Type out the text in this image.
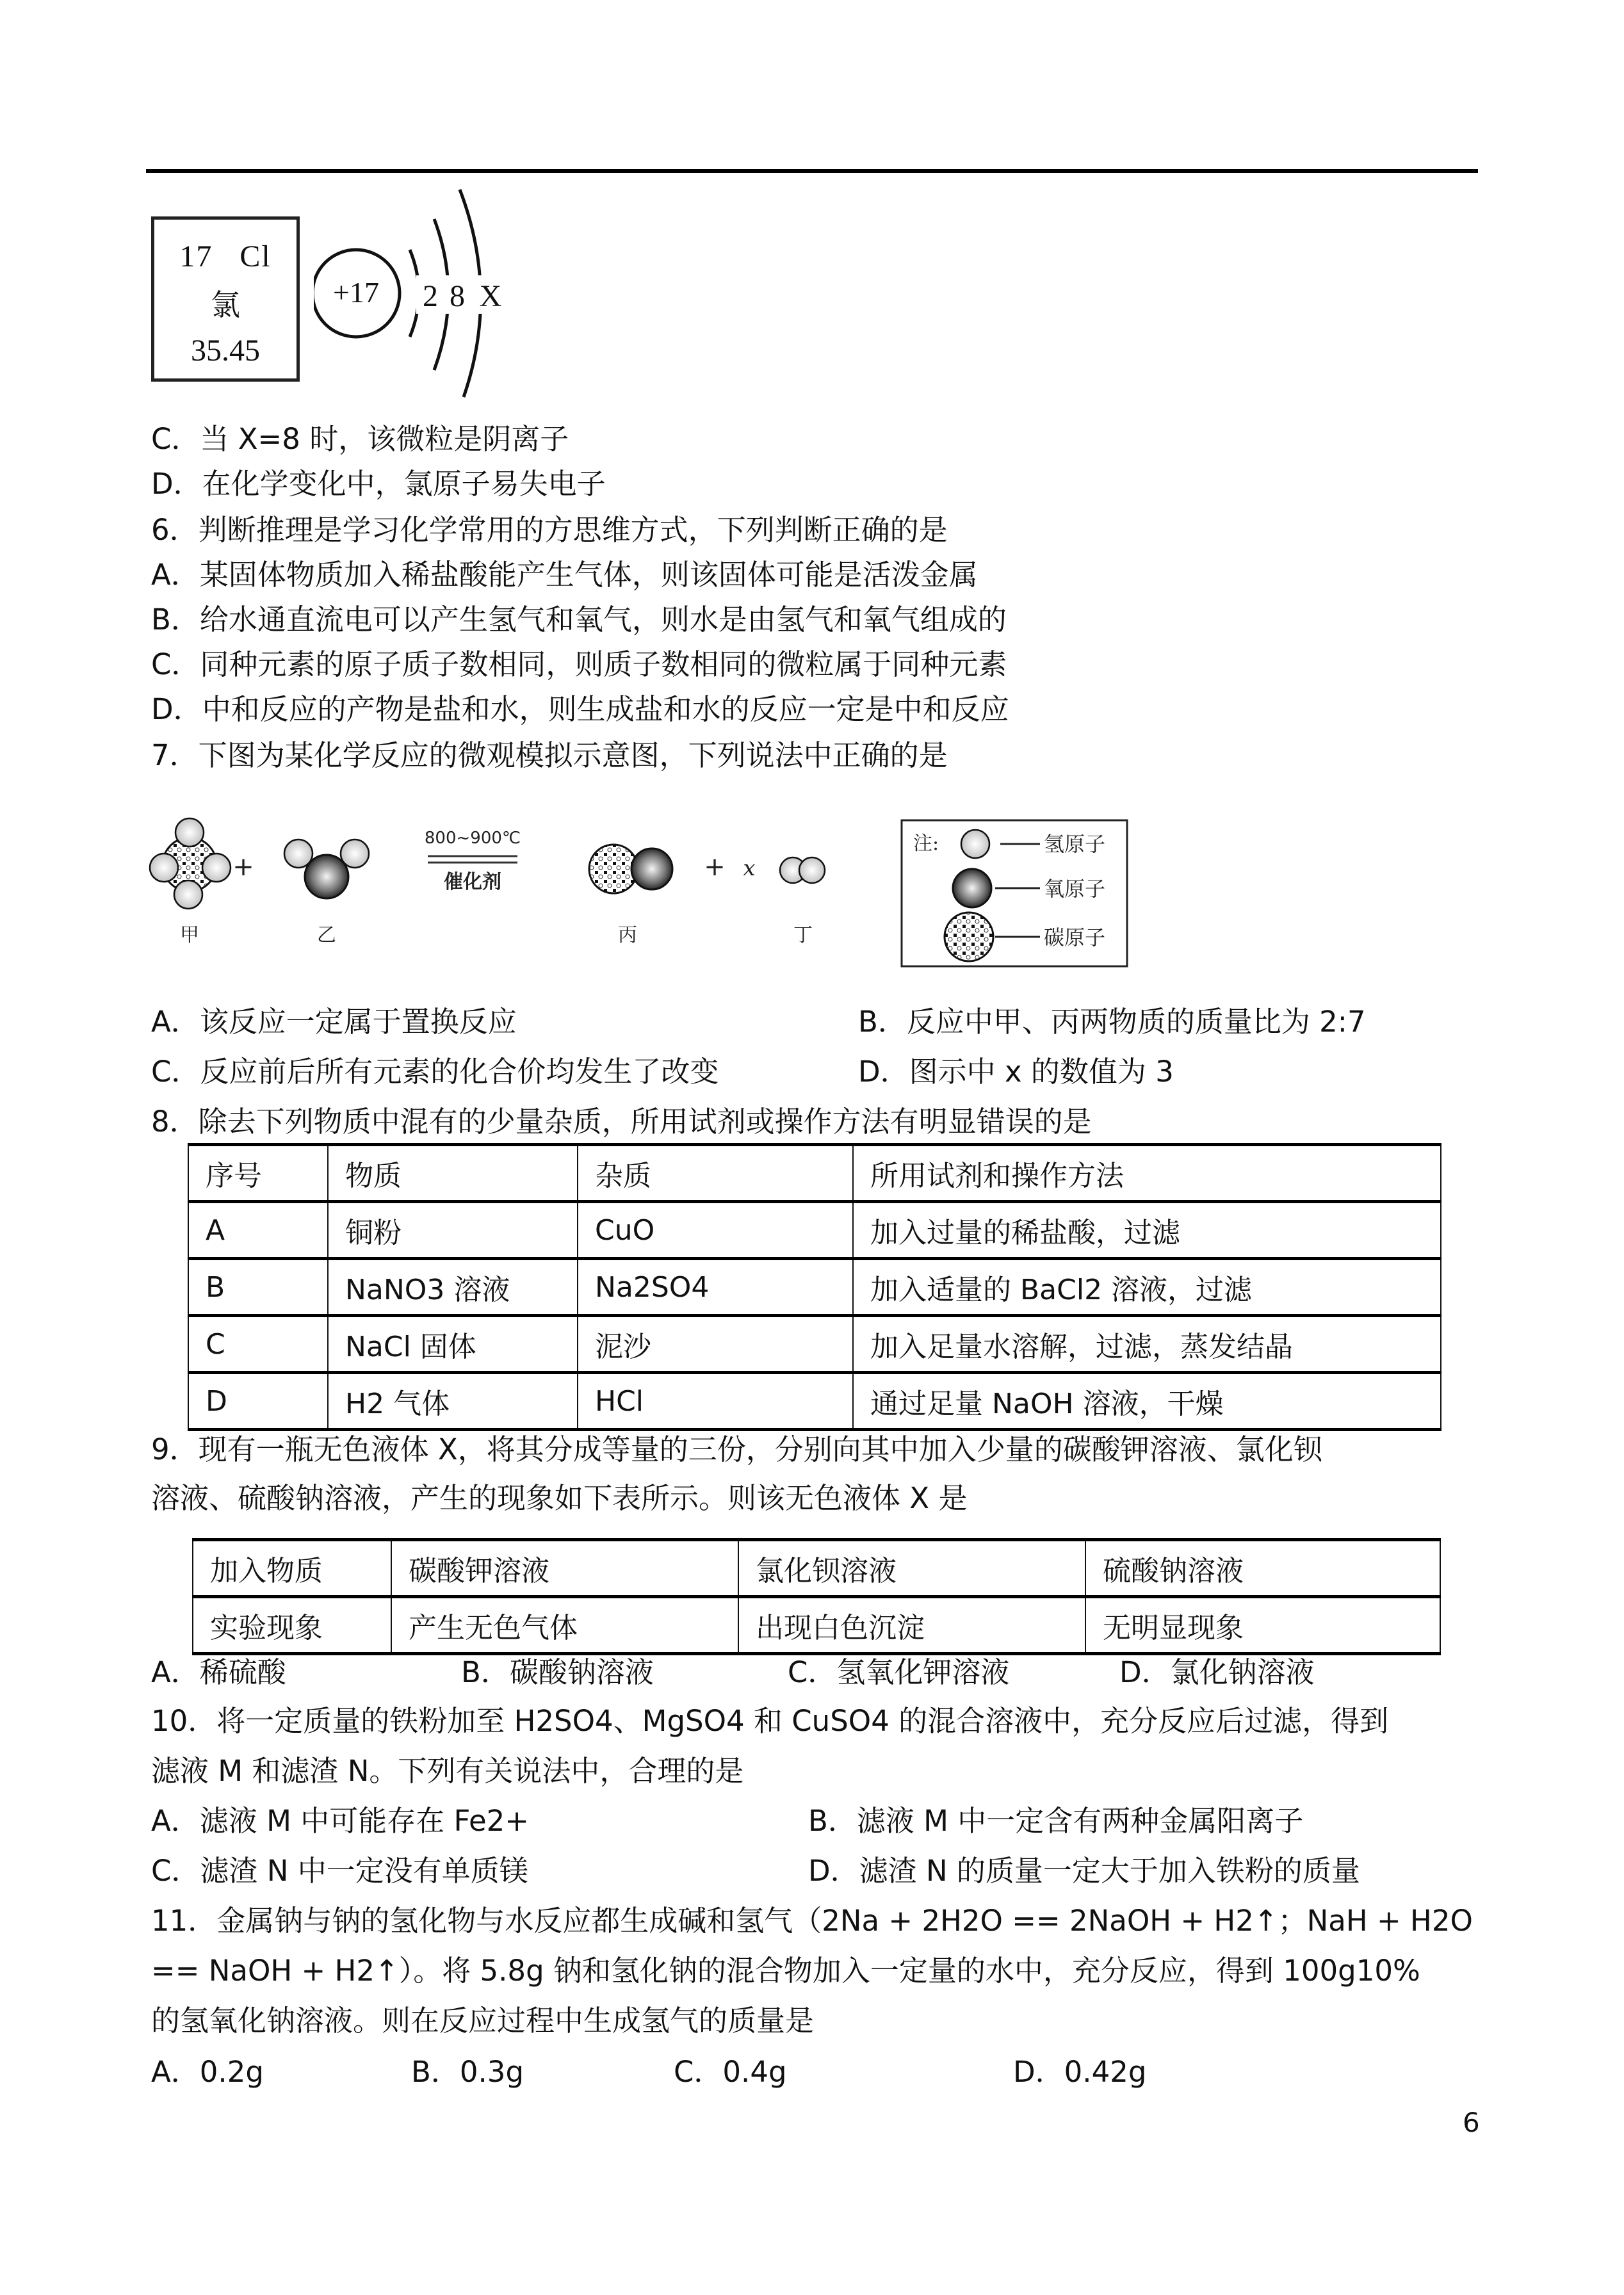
17 Cl
氯
35.45
+17 2 8 X
C．当 X=8 时，该微粒是阴离子
D．在化学变化中，氯原子易失电子
6．判断推理是学习化学常用的方思维方式，下列判断正确的是
A．某固体物质加入稀盐酸能产生气体，则该固体可能是活泼金属
B．给水通直流电可以产生氢气和氧气，则水是由氢气和氧气组成的
C．同种元素的原子质子数相同，则质子数相同的微粒属于同种元素
D．中和反应的产物是盐和水，则生成盐和水的反应一定是中和反应
7．下图为某化学反应的微观模拟示意图，下列说法中正确的是
甲
+
乙
800~900℃
催化剂
丙
+ x
丁
注:	氢原子
氧原子
碳原子
A．该反应一定属于置换反应	B．反应中甲、丙两物质的质量比为 2:7
C．反应前后所有元素的化合价均发生了改变	D．图示中 x 的数值为 3
8．除去下列物质中混有的少量杂质，所用试剂或操作方法有明显错误的是
序号	物质	杂质	所用试剂和操作方法
A	铜粉	CuO	加入过量的稀盐酸，过滤
B	NaNO3 溶液	Na2SO4	加入适量的 BaCl2 溶液，过滤
C	NaCl 固体	泥沙	加入足量水溶解，过滤，蒸发结晶
D	H2 气体	HCl	通过足量 NaOH 溶液，干燥
9．现有一瓶无色液体 X，将其分成等量的三份，分别向其中加入少量的碳酸钾溶液、氯化钡
溶液、硫酸钠溶液，产生的现象如下表所示。则该无色液体 X 是
加入物质	碳酸钾溶液	氯化钡溶液	硫酸钠溶液
实验现象	产生无色气体	出现白色沉淀	无明显现象
A．稀硫酸	B．碳酸钠溶液	C．氢氧化钾溶液	D．氯化钠溶液
10．将一定质量的铁粉加至 H2SO4、MgSO4 和 CuSO4 的混合溶液中，充分反应后过滤，得到
滤液 M 和滤渣 N。下列有关说法中，合理的是
A．滤液 M 中可能存在 Fe2+	B．滤液 M 中一定含有两种金属阳离子
C．滤渣 N 中一定没有单质镁	D．滤渣 N 的质量一定大于加入铁粉的质量
11．金属钠与钠的氢化物与水反应都生成碱和氢气（2Na + 2H2O == 2NaOH + H2↑；NaH + H2O
== NaOH + H2↑）。将 5.8g 钠和氢化钠的混合物加入一定量的水中，充分反应，得到 100g10%
的氢氧化钠溶液。则在反应过程中生成氢气的质量是
A．0.2g	B．0.3g	C．0.4g	D．0.42g
6
